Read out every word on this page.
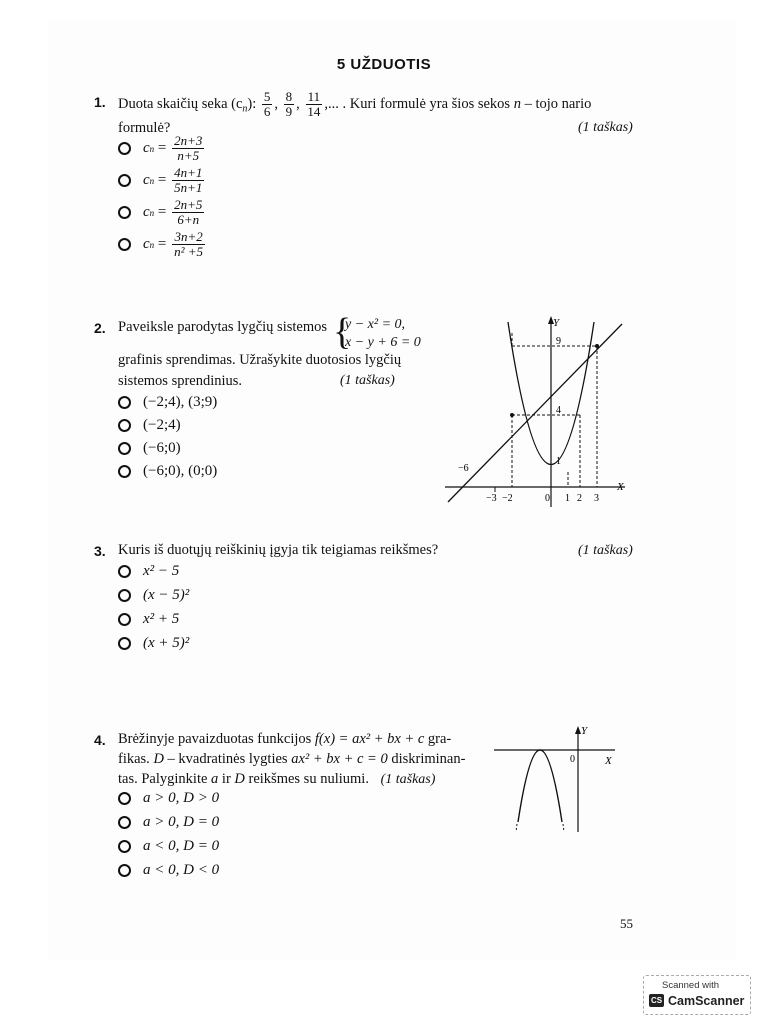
5 UŽDUOTIS
1. Duota skaičių seka $(c_n)$: $\frac{5}{6}$ , $\frac{8}{9}$ , $\frac{11}{14}$ ,... . Kuri formulė yra šios sekos n – tojo nario
formulė?	(1 taškas)
c $n = \frac{2n+3}{n+5}$
c $n = \frac{4n+1}{5n+1}$
c $n = \frac{2n+5}{6+n}$
c $n = \frac{3n+2}{\text{n² +5}}$
2. Paveiksle parodytas lygčių sistemos {
y − x² = 0,
x − y + 6 = 0
grafinis sprendimas. Užrašykite duotosios lygčių
sistemos sprendinius.	(1 taškas)
(−2;4), (3;9)
(−2;4)
(−6;0)
(−6;0), (0;0)
Y
X
9
4
1
−6
−3 −2	0 1 2 3
3. Kuris iš duotųjų reiškinių įgyja tik teigiamas reikšmes?	(1 taškas)
x² − 5
(x − 5)²
x² + 5
(x + 5)²
4. Brėžinyje pavaizduotas funkcijos f(x) = ax² + bx + c gra-
fikas. D – kvadratinės lygties ax² + bx + c = 0 diskriminan-
tas. Palyginkite a ir D reikšmes su nuliumi. (1 taškas)
a > 0, D > 0
a > 0, D = 0
a < 0, D = 0
a < 0, D < 0
Y
X
0
55
Scanned with
CS CamScanner
